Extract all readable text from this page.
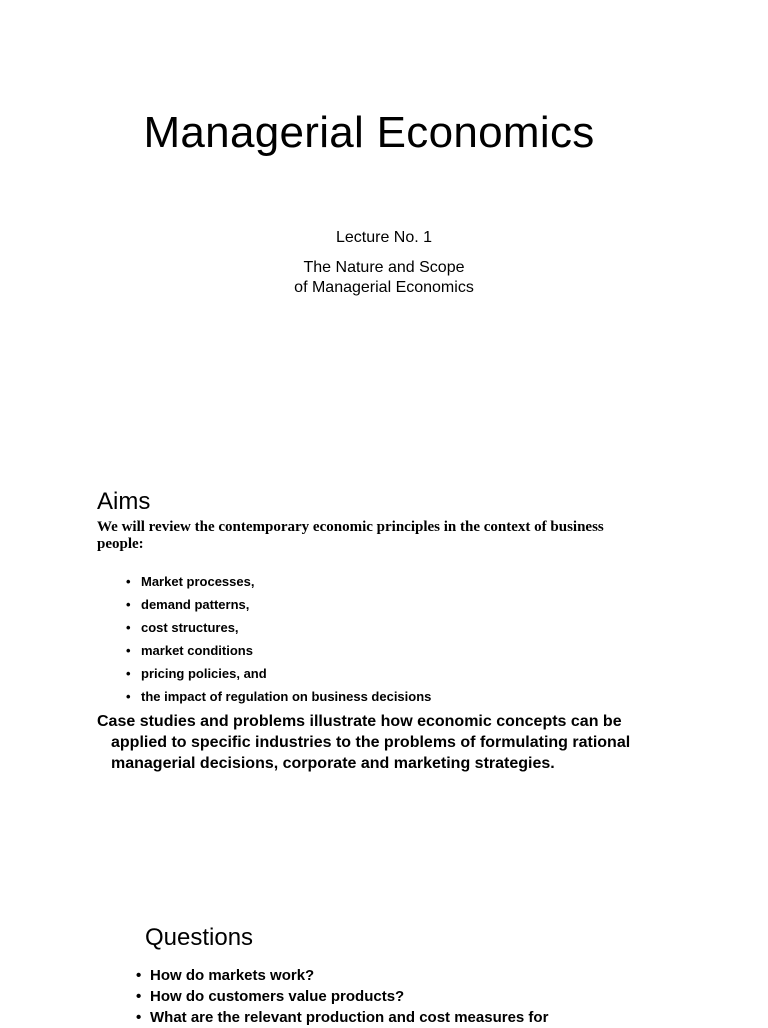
Managerial Economics
Lecture No. 1
The Nature and Scope
of Managerial Economics
Aims
We will review the contemporary economic principles in the context of business people:
• Market processes,
• demand patterns,
• cost structures,
• market conditions
• pricing policies, and
• the impact of regulation on business decisions
Case studies and problems illustrate how economic concepts can be applied to specific industries to the problems of formulating rational managerial decisions, corporate and marketing strategies.
Questions
• How do markets work?
• How do customers value products?
• What are the relevant production and cost measures for
